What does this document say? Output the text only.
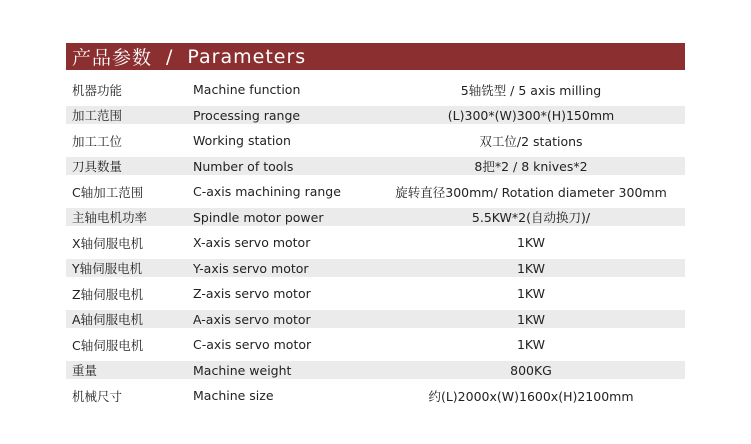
产品参数 / Parameters
机器功能	Machine function	5轴铣型 / 5 axis milling
加工范围	Processing range	(L)300*(W)300*(H)150mm
加工工位	Working station	双工位/2 stations
刀具数量	Number of tools	8把*2 / 8 knives*2
C轴加工范围	C-axis machining range	旋转直径300mm/ Rotation diameter 300mm
主轴电机功率	Spindle motor power	5.5KW*2(自动换刀)/
X轴伺服电机	X-axis servo motor	1KW
Y轴伺服电机	Y-axis servo motor	1KW
Z轴伺服电机	Z-axis servo motor	1KW
A轴伺服电机	A-axis servo motor	1KW
C轴伺服电机	C-axis servo motor	1KW
重量	Machine weight	800KG
机械尺寸	Machine size	约(L)2000x(W)1600x(H)2100mm
